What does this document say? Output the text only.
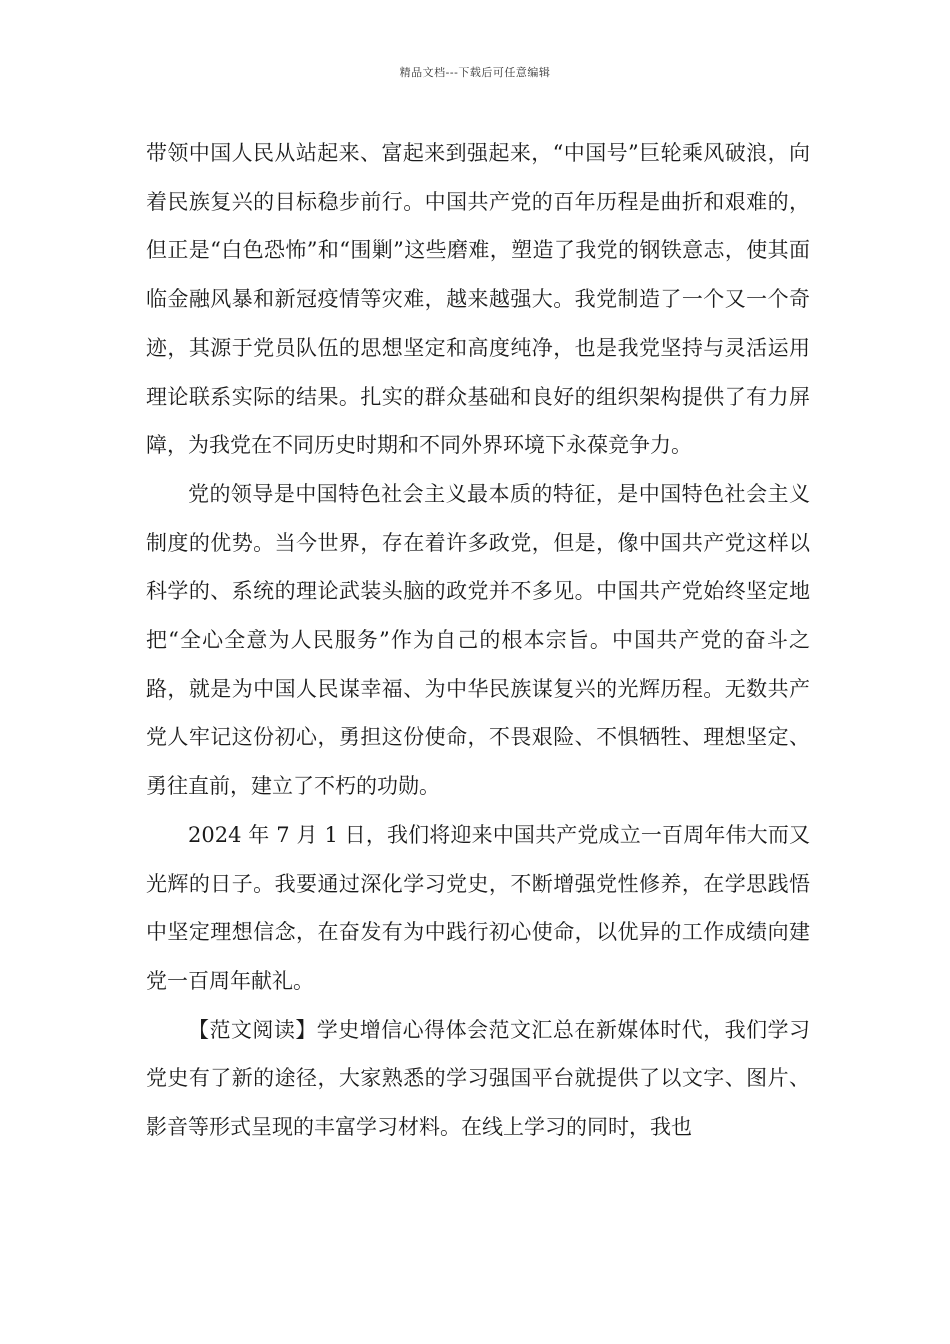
精品文档---下载后可任意编辑

带领中国人民从站起来、富起来到强起来，“中国号”巨轮乘风破浪，向着民族复兴的目标稳步前行。中国共产党的百年历程是曲折和艰难的，但正是“白色恐怖”和“围剿”这些磨难，塑造了我党的钢铁意志，使其面临金融风暴和新冠疫情等灾难，越来越强大。我党制造了一个又一个奇迹，其源于党员队伍的思想坚定和高度纯净，也是我党坚持与灵活运用理论联系实际的结果。扎实的群众基础和良好的组织架构提供了有力屏障，为我党在不同历史时期和不同外界环境下永葆竞争力。

党的领导是中国特色社会主义最本质的特征，是中国特色社会主义制度的优势。当今世界，存在着许多政党，但是，像中国共产党这样以科学的、系统的理论武装头脑的政党并不多见。中国共产党始终坚定地把“全心全意为人民服务”作为自己的根本宗旨。中国共产党的奋斗之路，就是为中国人民谋幸福、为中华民族谋复兴的光辉历程。无数共产党人牢记这份初心，勇担这份使命，不畏艰险、不惧牺牲、理想坚定、勇往直前，建立了不朽的功勋。

2024 年 7 月 1 日，我们将迎来中国共产党成立一百周年伟大而又光辉的日子。我要通过深化学习党史，不断增强党性修养，在学思践悟中坚定理想信念，在奋发有为中践行初心使命，以优异的工作成绩向建党一百周年献礼。

【范文阅读】学史增信心得体会范文汇总在新媒体时代，我们学习党史有了新的途径，大家熟悉的学习强国平台就提供了以文字、图片、影音等形式呈现的丰富学习材料。在线上学习的同时，我也
